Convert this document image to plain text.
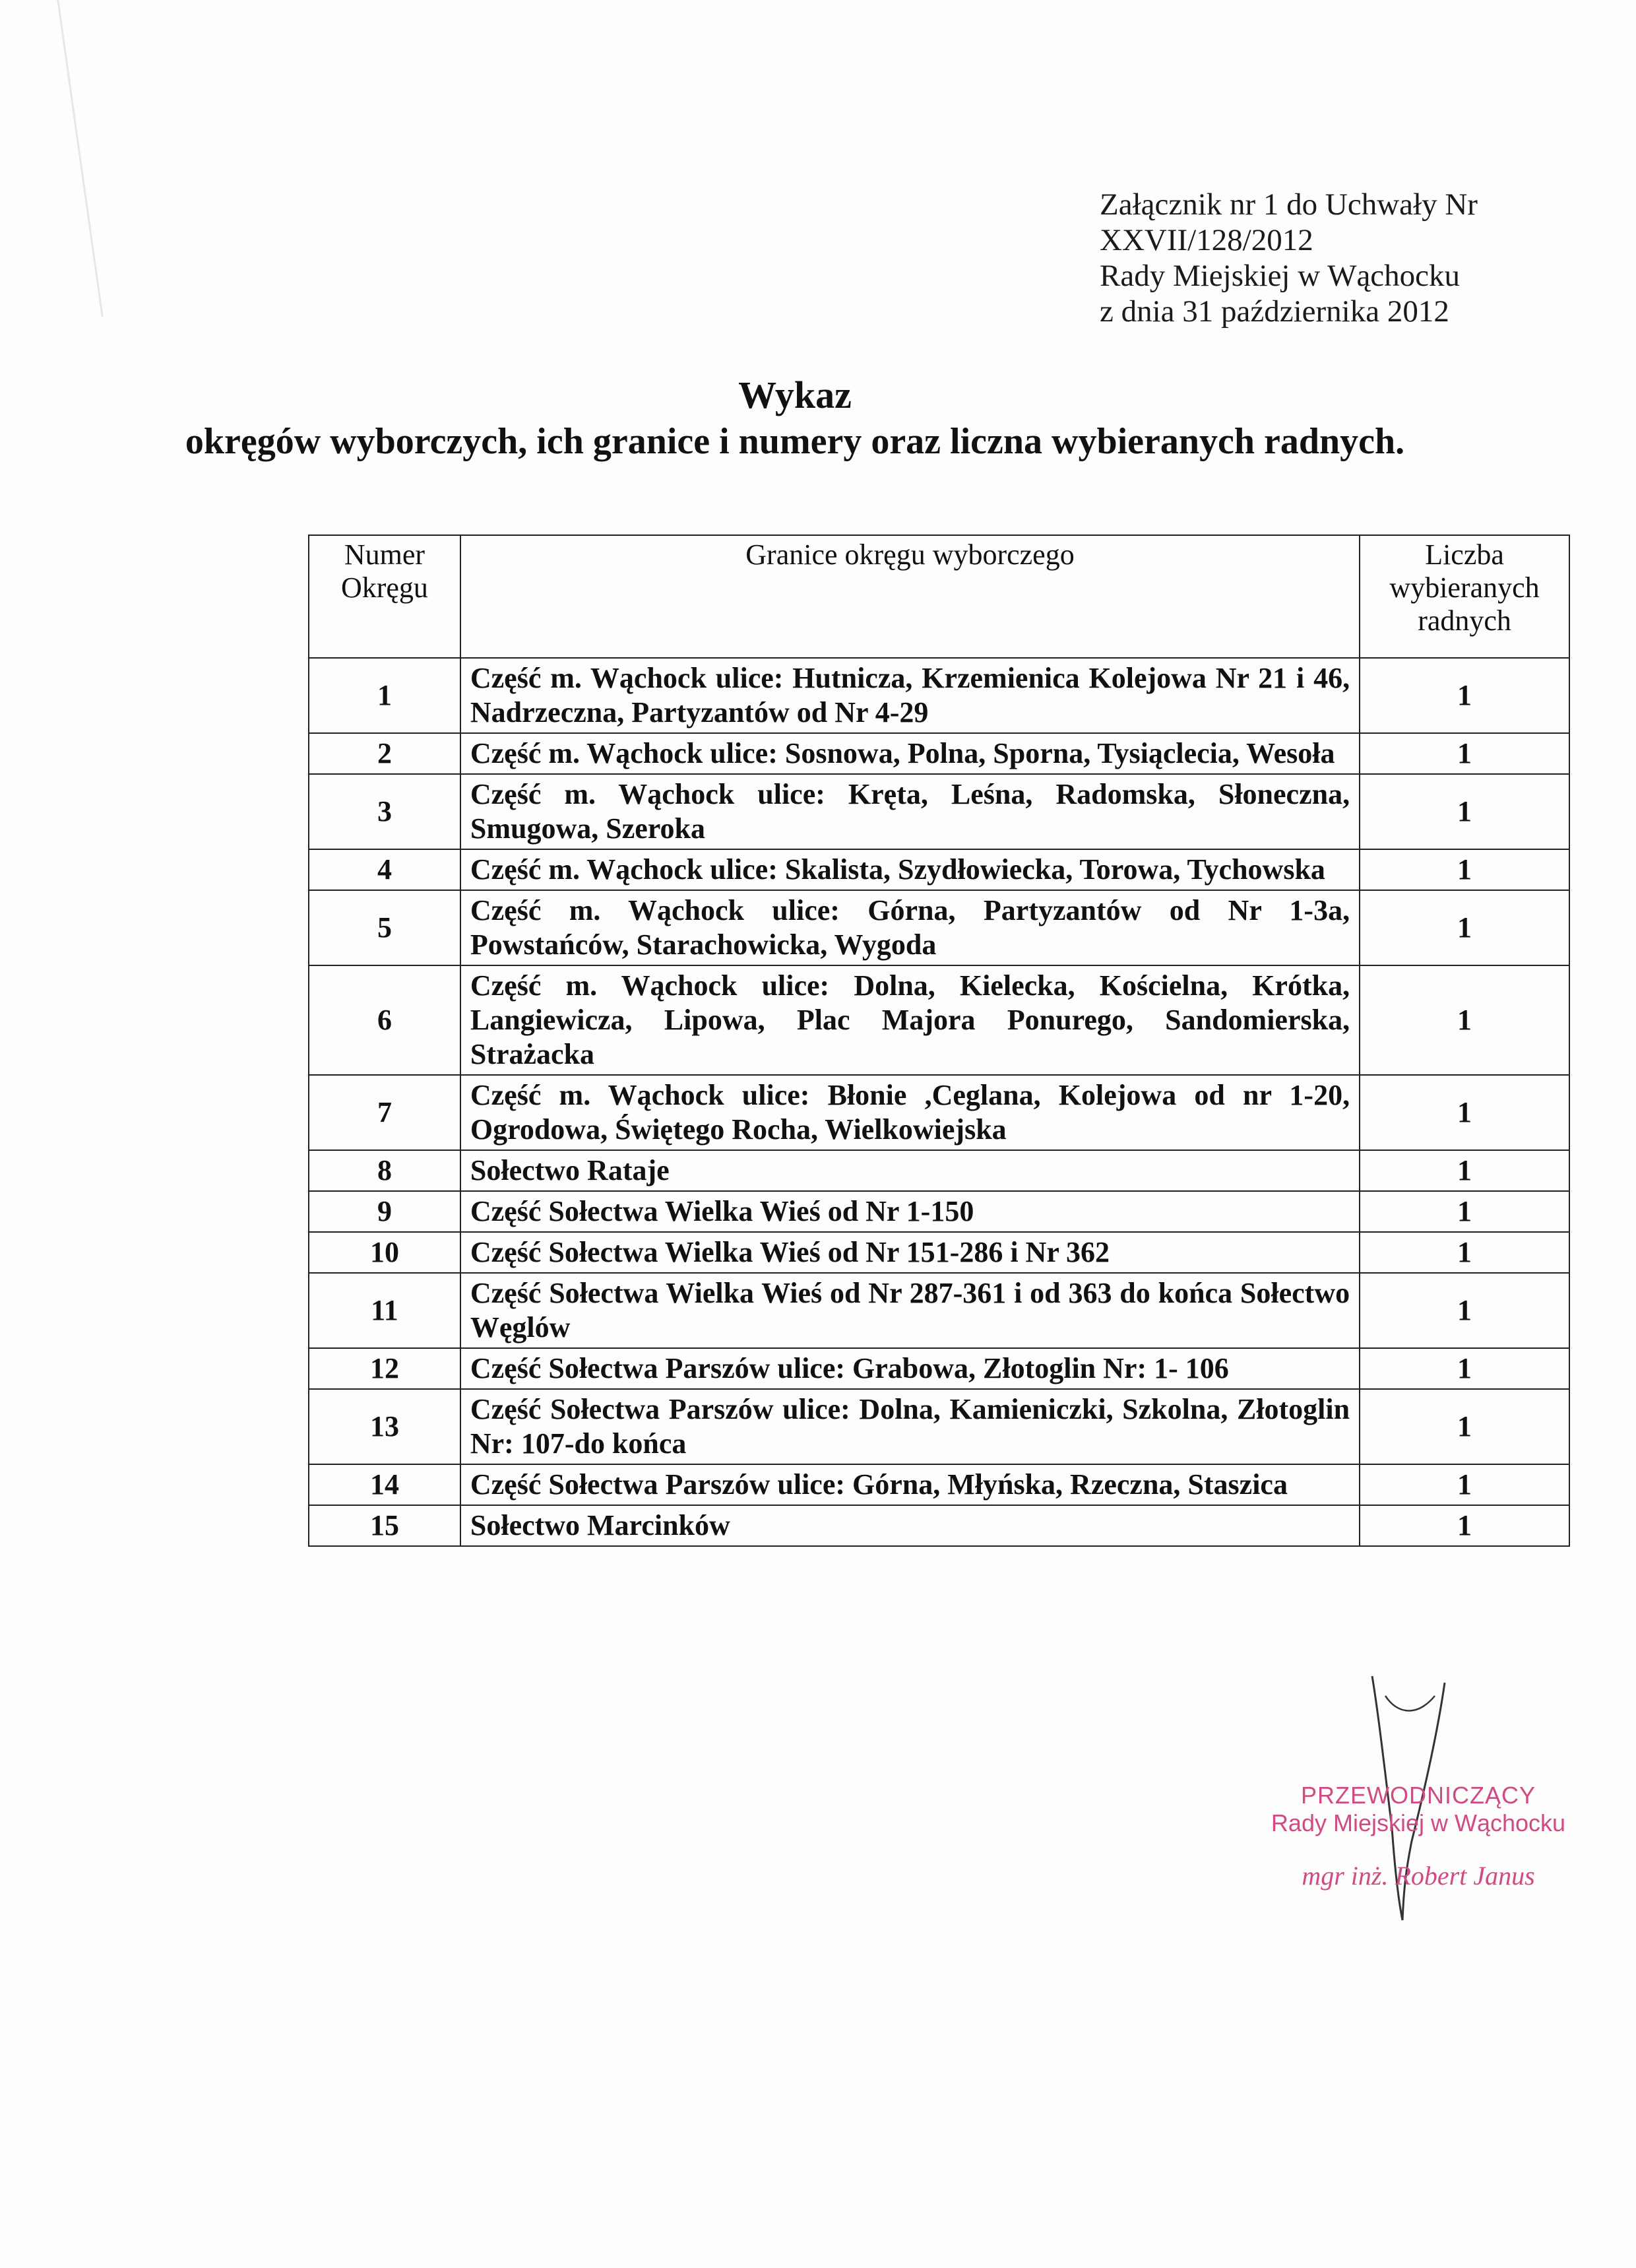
Załącznik nr 1 do Uchwały Nr
XXVII/128/2012
Rady Miejskiej w Wąchocku
z dnia 31 października 2012
Wykaz
okręgów wyborczych, ich granice i numery oraz liczna wybieranych radnych.
Numer Okręgu	Granice okręgu wyborczego	Liczba wybieranych radnych
1	Część m. Wąchock ulice: Hutnicza, Krzemienica Kolejowa Nr 21 i 46, Nadrzeczna, Partyzantów od Nr 4-29	1
2	Część m. Wąchock ulice: Sosnowa, Polna, Sporna, Tysiąclecia, Wesoła	1
3	Część m. Wąchock ulice: Kręta, Leśna, Radomska, Słoneczna, Smugowa, Szeroka	1
4	Część m. Wąchock ulice: Skalista, Szydłowiecka, Torowa, Tychowska	1
5	Część m. Wąchock ulice: Górna, Partyzantów od Nr 1-3a, Powstańców, Starachowicka, Wygoda	1
6	Część m. Wąchock ulice: Dolna, Kielecka, Kościelna, Krótka, Langiewicza, Lipowa, Plac Majora Ponurego, Sandomierska, Strażacka	1
7	Część m. Wąchock ulice: Błonie ,Ceglana, Kolejowa od nr 1-20, Ogrodowa, Świętego Rocha, Wielkowiejska	1
8	Sołectwo Rataje	1
9	Część Sołectwa Wielka Wieś od Nr 1-150	1
10	Część Sołectwa Wielka Wieś od Nr 151-286 i Nr 362	1
11	Część Sołectwa Wielka Wieś od Nr 287-361 i od 363 do końca Sołectwo Węglów	1
12	Część Sołectwa Parszów ulice: Grabowa, Złotoglin Nr: 1- 106	1
13	Część Sołectwa Parszów ulice: Dolna, Kamieniczki, Szkolna, Złotoglin Nr: 107-do końca	1
14	Część Sołectwa Parszów ulice: Górna, Młyńska, Rzeczna, Staszica	1
15	Sołectwo Marcinków	1
PRZEWODNICZĄCY
Rady Miejskiej w Wąchocku
mgr inż. Robert Janus
